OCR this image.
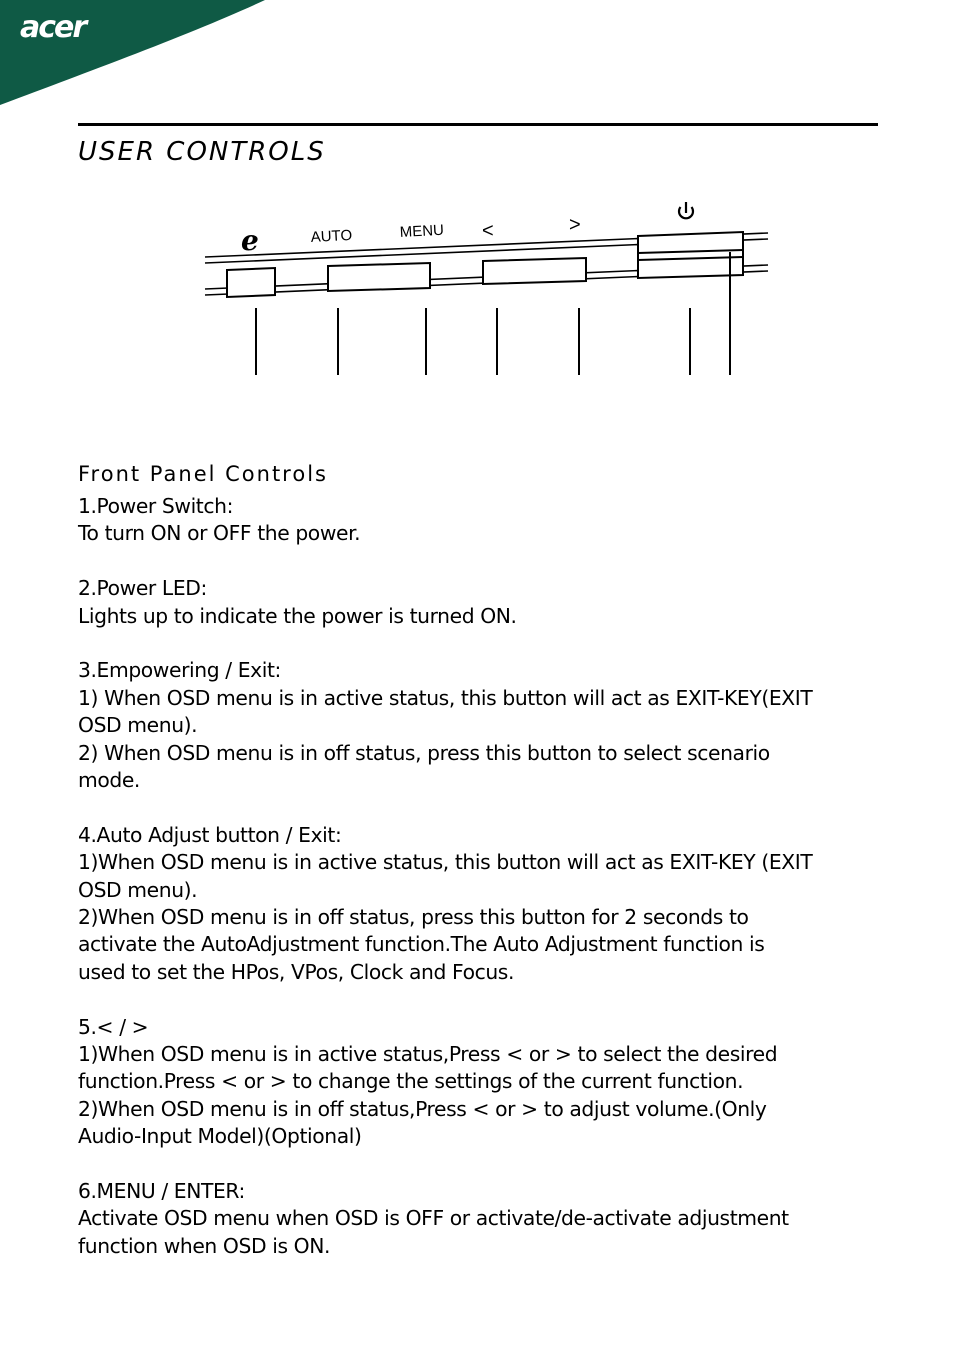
acer
USER CONTROLS
e	AUTO	MENU <	>
Front Panel Controls

1.Power Switch:
To turn ON or OFF the power.

2.Power LED:
Lights up to indicate the power is turned ON.

3.Empowering / Exit:
1) When OSD menu is in active status, this button will act as EXIT-KEY(EXIT
OSD menu).
2) When OSD menu is in off status, press this button to select scenario
mode.

4.Auto Adjust button / Exit:
1)When OSD menu is in active status, this button will act as EXIT-KEY (EXIT
OSD menu).
2)When OSD menu is in off status, press this button for 2 seconds to
activate the AutoAdjustment function.The Auto Adjustment function is
used to set the HPos, VPos, Clock and Focus.

5.< / >
1)When OSD menu is in active status,Press < or > to select the desired
function.Press < or > to change the settings of the current function.
2)When OSD menu is in off status,Press < or > to adjust volume.(Only
Audio-Input Model)(Optional)

6.MENU / ENTER:
Activate OSD menu when OSD is OFF or activate/de-activate adjustment
function when OSD is ON.
